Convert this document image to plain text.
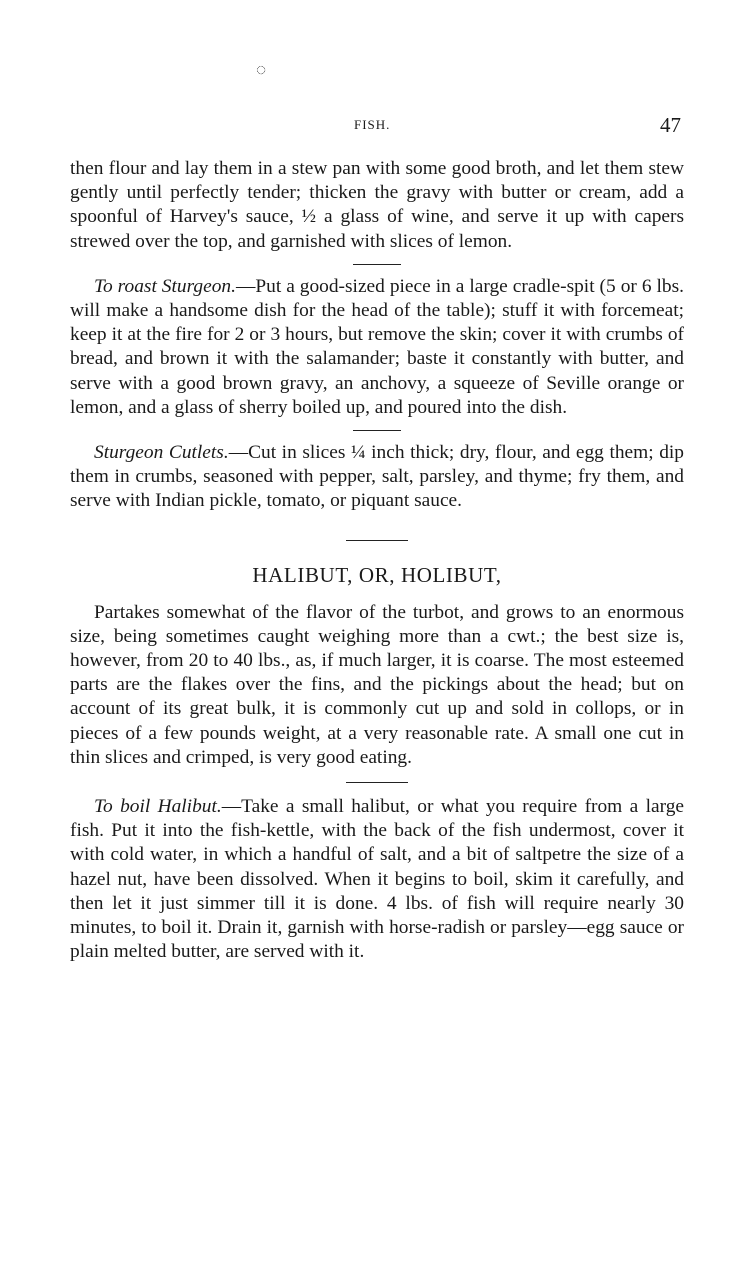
◌
FISH.	47

then flour and lay them in a stew pan with some good broth, and let them stew gently until perfectly tender; thicken the gravy with butter or cream, add a spoonful of Harvey's sauce, ½ a glass of wine, and serve it up with capers strewed over the top, and garnished with slices of lemon.

To roast Sturgeon.—Put a good-sized piece in a large cradle-spit (5 or 6 lbs. will make a handsome dish for the head of the table); stuff it with forcemeat; keep it at the fire for 2 or 3 hours, but remove the skin; cover it with crumbs of bread, and brown it with the salamander; baste it constantly with butter, and serve with a good brown gravy, an anchovy, a squeeze of Seville orange or lemon, and a glass of sherry boiled up, and poured into the dish.

Sturgeon Cutlets.—Cut in slices ¼ inch thick; dry, flour, and egg them; dip them in crumbs, seasoned with pepper, salt, parsley, and thyme; fry them, and serve with Indian pickle, tomato, or piquant sauce.

HALIBUT, OR, HOLIBUT,

Partakes somewhat of the flavor of the turbot, and grows to an enormous size, being sometimes caught weighing more than a cwt.; the best size is, however, from 20 to 40 lbs., as, if much larger, it is coarse. The most esteemed parts are the flakes over the fins, and the pickings about the head; but on account of its great bulk, it is commonly cut up and sold in collops, or in pieces of a few pounds weight, at a very reasonable rate. A small one cut in thin slices and crimped, is very good eating.

To boil Halibut.—Take a small halibut, or what you require from a large fish. Put it into the fish-kettle, with the back of the fish undermost, cover it with cold water, in which a handful of salt, and a bit of saltpetre the size of a hazel nut, have been dissolved. When it begins to boil, skim it carefully, and then let it just simmer till it is done. 4 lbs. of fish will require nearly 30 minutes, to boil it. Drain it, garnish with horse-radish or parsley—egg sauce or plain melted butter, are served with it.
